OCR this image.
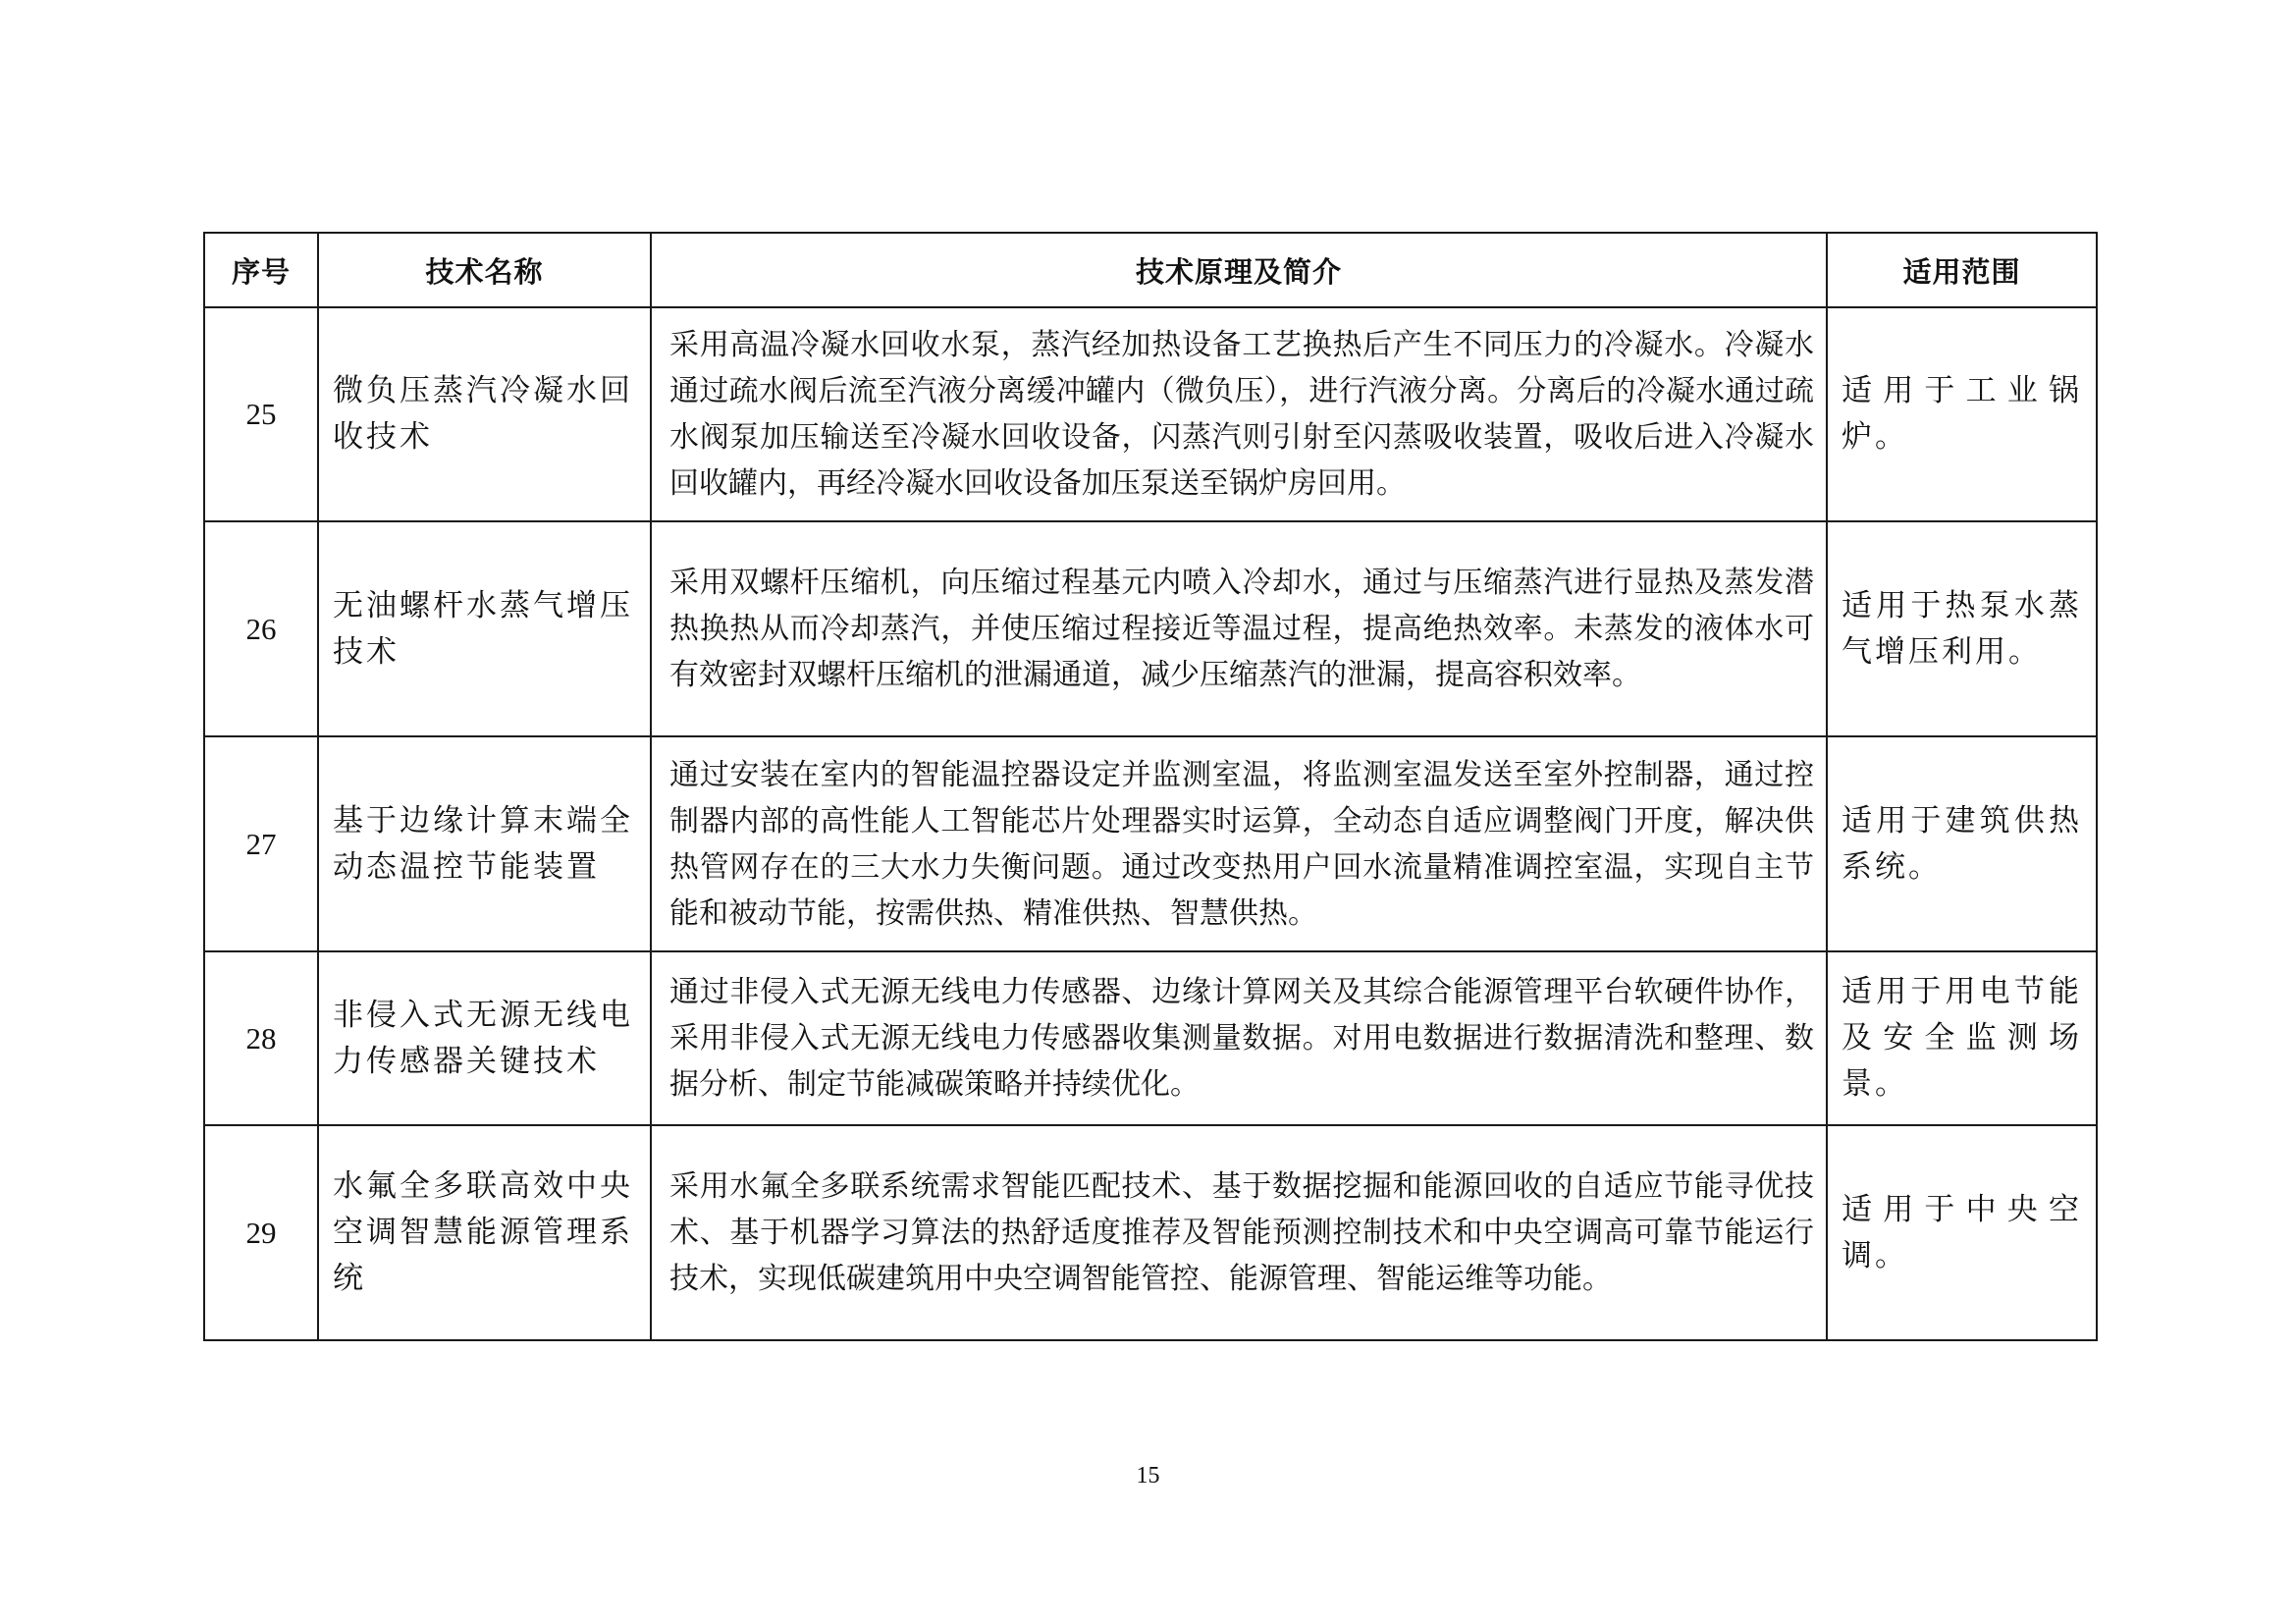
序号	技术名称	技术原理及简介	适用范围
25	微负压蒸汽冷凝水回收技术	采用高温冷凝水回收水泵，蒸汽经加热设备工艺换热后产生不同压力的冷凝水。冷凝水通过疏水阀后流至汽液分离缓冲罐内（微负压），进行汽液分离。分离后的冷凝水通过疏水阀泵加压输送至冷凝水回收设备，闪蒸汽则引射至闪蒸吸收装置，吸收后进入冷凝水回收罐内，再经冷凝水回收设备加压泵送至锅炉房回用。	适用于工业锅炉。
26	无油螺杆水蒸气增压技术	采用双螺杆压缩机，向压缩过程基元内喷入冷却水，通过与压缩蒸汽进行显热及蒸发潜热换热从而冷却蒸汽，并使压缩过程接近等温过程，提高绝热效率。未蒸发的液体水可有效密封双螺杆压缩机的泄漏通道，减少压缩蒸汽的泄漏，提高容积效率。	适用于热泵水蒸气增压利用。
27	基于边缘计算末端全动态温控节能装置	通过安装在室内的智能温控器设定并监测室温，将监测室温发送至室外控制器，通过控制器内部的高性能人工智能芯片处理器实时运算，全动态自适应调整阀门开度，解决供热管网存在的三大水力失衡问题。通过改变热用户回水流量精准调控室温，实现自主节能和被动节能，按需供热、精准供热、智慧供热。	适用于建筑供热系统。
28	非侵入式无源无线电力传感器关键技术	通过非侵入式无源无线电力传感器、边缘计算网关及其综合能源管理平台软硬件协作，采用非侵入式无源无线电力传感器收集测量数据。对用电数据进行数据清洗和整理、数据分析、制定节能减碳策略并持续优化。	适用于用电节能及安全监测场景。
29	水氟全多联高效中央空调智慧能源管理系统	采用水氟全多联系统需求智能匹配技术、基于数据挖掘和能源回收的自适应节能寻优技术、基于机器学习算法的热舒适度推荐及智能预测控制技术和中央空调高可靠节能运行技术，实现低碳建筑用中央空调智能管控、能源管理、智能运维等功能。	适用于中央空调。
15
